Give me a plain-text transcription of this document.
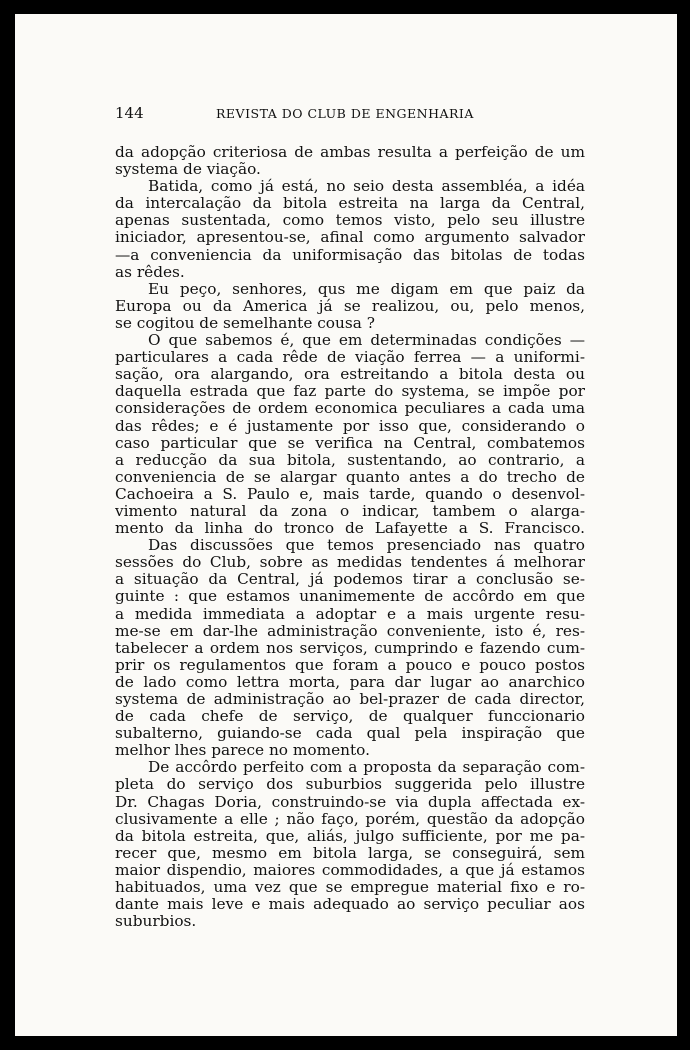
144	REVISTA DO CLUB DE ENGENHARIA
da adopção criteriosa de ambas resulta a perfeição de um
systema de viação.
Batida, como já está, no seio desta assembléa, a idéa
da intercalação da bitola estreita na larga da Central,
apenas sustentada, como temos visto, pelo seu illustre
iniciador, apresentou-se, afinal como argumento salvador
—a conveniencia da uniformisação das bitolas de todas
as rêdes.
Eu peço, senhores, qus me digam em que paiz da
Europa ou da America já se realizou, ou, pelo menos,
se cogitou de semelhante cousa ?
O que sabemos é, que em determinadas condições —
particulares a cada rêde de viação ferrea — a uniformi-
sação, ora alargando, ora estreitando a bitola desta ou
daquella estrada que faz parte do systema, se impõe por
considerações de ordem economica peculiares a cada uma
das rêdes; e é justamente por isso que, considerando o
caso particular que se verifica na Central, combatemos
a reducção da sua bitola, sustentando, ao contrario, a
conveniencia de se alargar quanto antes a do trecho de
Cachoeira a S. Paulo e, mais tarde, quando o desenvol-
vimento natural da zona o indicar, tambem o alarga-
mento da linha do tronco de Lafayette a S. Francisco.
Das discussões que temos presenciado nas quatro
sessões do Club, sobre as medidas tendentes á melhorar
a situação da Central, já podemos tirar a conclusão se-
guinte : que estamos unanimemente de accôrdo em que
a medida immediata a adoptar e a mais urgente resu-
me-se em dar-lhe administração conveniente, isto é, res-
tabelecer a ordem nos serviços, cumprindo e fazendo cum-
prir os regulamentos que foram a pouco e pouco postos
de lado como lettra morta, para dar lugar ao anarchico
systema de administração ao bel-prazer de cada director,
de cada chefe de serviço, de qualquer funccionario
subalterno, guiando-se cada qual pela inspiração que
melhor lhes parece no momento.
De accôrdo perfeito com a proposta da separação com-
pleta do serviço dos suburbios suggerida pelo illustre
Dr. Chagas Doria, construindo-se via dupla affectada ex-
clusivamente a elle ; não faço, porém, questão da adopção
da bitola estreita, que, aliás, julgo sufficiente, por me pa-
recer que, mesmo em bitola larga, se conseguirá, sem
maior dispendio, maiores commodidades, a que já estamos
habituados, uma vez que se empregue material fixo e ro-
dante mais leve e mais adequado ao serviço peculiar aos
suburbios.
